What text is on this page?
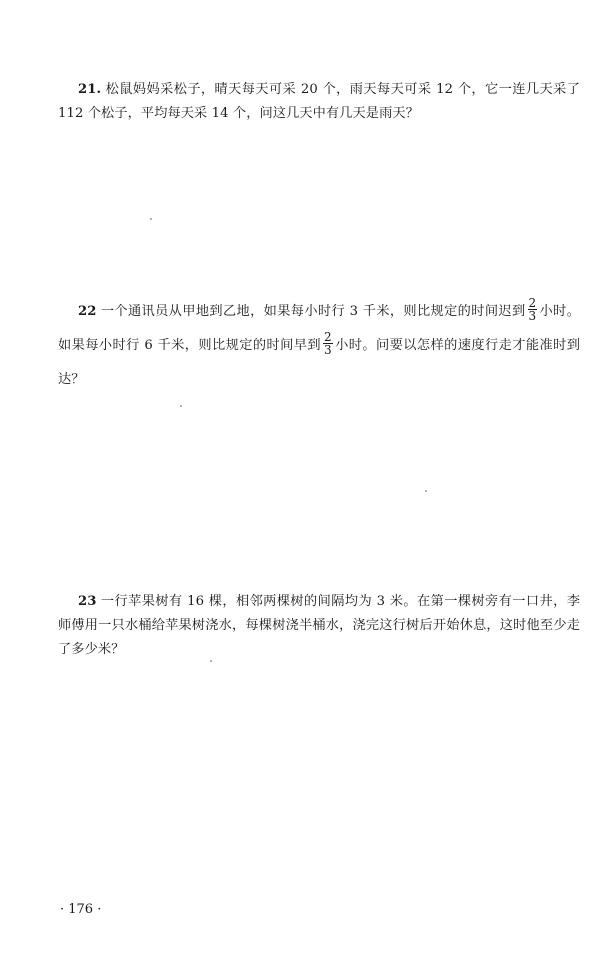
21. 松鼠妈妈采松子，晴天每天可采 20 个，雨天每天可采 12 个，它一连几天采了 112 个松子，平均每天采 14 个，问这几天中有几天是雨天？
22 一个通讯员从甲地到乙地，如果每小时行 3 千米，则比规定的时间迟到 $\frac{2}{3}$ 小时。如果每小时行 6 千米，则比规定的时间早到 $\frac{2}{3}$ 小时。问要以怎样的速度行走才能准时到达？
23 一行苹果树有 16 棵，相邻两棵树的间隔均为 3 米。在第一棵树旁有一口井，李师傅用一只水桶给苹果树浇水，每棵树浇半桶水，浇完这行树后开始休息，这时他至少走了多少米？
· 176 ·
